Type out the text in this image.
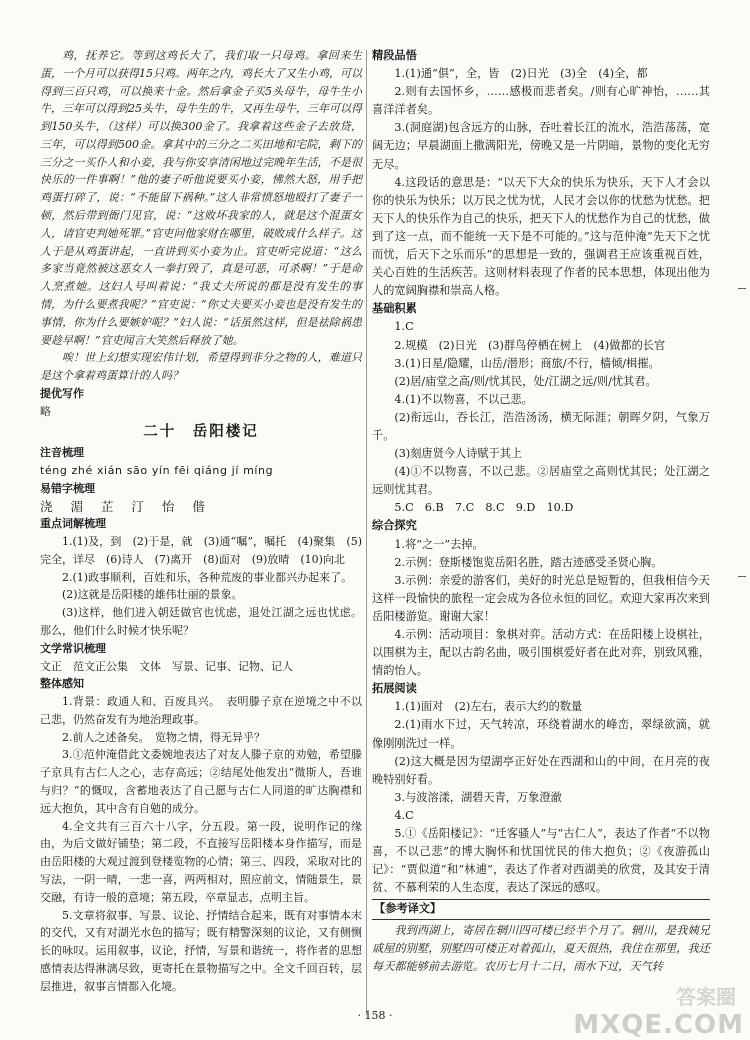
鸡，抚养它。等到这鸡长大了，我们取一只母鸡。拿回来生蛋，一个月可以获得15只鸡。两年之内，鸡长大了又生小鸡，可以得到三百只鸡，可以换来十金。然后拿金子买5头母牛，母牛生小牛，三年可以得到25头牛，母牛生的牛，又再生母牛，三年可以得到150头牛，（这样）可以换300金了。我拿着这些金子去放贷，三年，可以得到500金。拿其中的三分之二买田地和宅院，剩下的三分之一买仆人和小妾，我与你安享清闲地过完晚年生活，不是很快乐的一件事啊！”他的妻子听他说要买小妾，怫然大怒，用手把鸡蛋打碎了，说：“不能留下祸种。”这人非常愤怒地殴打了妻子一顿，然后带到衙门见官，说：“这败坏我家的人，就是这个混蛋女人，请官吏判她死罪。”官吏问他家财在哪里，破败成什么样子。这人于是从鸡蛋讲起，一直讲到买小妾为止。官吏听完说道：“这么多家当竟然被这恶女人一拳打毁了，真是可恶，可杀啊！”于是命人烹煮她。这妇人号叫着说：“我丈夫所说的都是没有发生的事情，为什么要煮我呢？”官吏说：“你丈夫要买小妾也是没有发生的事情，你为什么要嫉妒呢？”妇人说：“话虽然这样，但是祛除祸患要趁早啊！”官吏闻言大笑然后释放了她。

唉！世上幻想实现宏伟计划，希望得到非分之物的人，难道只是这个拿着鸡蛋算计的人吗？

提优写作

略

二十　岳阳楼记

注音梳理

téng zhé xián sāo yín fēi qiáng jí míng

易错字梳理

浇 湄 芷 汀 怡 偕

重点词解梳理

1.(1)及，到　(2)于是，就　(3)通“嘱”，嘱托　(4)聚集　(5)完全，详尽　(6)诗人　(7)离开　(8)面对　(9)放晴　(10)向北

2.(1)政事顺利，百姓和乐，各种荒废的事业都兴办起来了。

(2)这就是岳阳楼的雄伟壮丽的景象。

(3)这样，他们进入朝廷做官也忧虑，退处江湖之远也忧虑。那么，他们什么时候才快乐呢？

文学常识梳理

文正　范文正公集　文体　写景、记事、记物、记人

整体感知

1.背景：政通人和、百废具兴。　表明滕子京在逆境之中不以己悲，仍然奋发有为地治理政事。

2.前人之述备矣。　览物之情，得无异乎？

3.①范仲淹借此文委婉地表达了对友人滕子京的劝勉，希望滕子京具有古仁人之心，志存高远；②结尾处他发出“微斯人，吾谁与归？”的慨叹，含蓄地表达了自己愿与古仁人同道的旷达胸襟和远大抱负，其中含有自勉的成分。

4.全文共有三百六十八字，分五段。第一段，说明作记的缘由，为后文做好铺垫；第二段，不直接写岳阳楼本身作描写，而是由岳阳楼的大观过渡到登楼览物的心情；第三、四段，采取对比的写法，一阴一晴，一悲一喜，两两相对，照应前文，情随景生，景交融，有诗一般的意境；第五段，卒章显志，点明主旨。

5.文章将叙事、写景、议论、抒情结合起来，既有对事情本末的交代，又有对湖光水色的描写；既有精警深刻的议论，又有侧恻长的咏叹。运用叙事，议论，抒情，写景和谐统一，将作者的思想感情表达得淋漓尽致，更寄托在景物描写之中。全文千回百转，层层推进，叙事言情都入化境。

精段品悟

1.(1)通“俱”，全，皆　(2)日光　(3)全　(4)全，都

2.则有去国怀乡，……感极而悲者矣。/则有心旷神怡，……其喜洋洋者矣。

3.(洞庭湖)包含远方的山脉，吞吐着长江的流水，浩浩荡荡，宽阔无边；早晨湖面上撒满阳光，傍晚又是一片阴暗，景物的变化无穷无尽。

4.这段话的意思是：“以天下大众的快乐为快乐，天下人才会以你的快乐为快乐；以万民之忧为忧，人民才会以你的忧愁为忧愁。把天下人的快乐作为自己的快乐，把天下人的忧愁作为自己的忧愁，做到了这一点，而不能统一天下是不可能的。”这与范仲淹“先天下之忧而忧，后天下之乐而乐”的思想是一致的，强调君王应该重视百姓，关心百姓的生活疾苦。这则材料表现了作者的民本思想，体现出他为人的宽阔胸襟和崇高人格。

基础积累

1.C

2.规模　(2)日光　(3)群鸟停栖在树上　(4)做都的长官

3.(1)日星/隐耀，山岳/潜形；商旅/不行，樯倾/楫摧。

(2)居/庙堂之高/则/忧其民，处/江湖之远/则/忧其君。

4.(1)不以物喜，不以己悲。

(2)衔远山，吞长江，浩浩汤汤，横无际涯；朝晖夕阴，气象万千。

(3)刻唐贤今人诗赋于其上

(4)①不以物喜，不以己悲。②居庙堂之高则忧其民；处江湖之远则忧其君。

5.C　6.B　7.C　8.C　9.D　10.D

综合探究

1.将“之一”去掉。

2.示例：登斯楼饱览岳阳名胜，踏古迹感受圣贤心胸。

3.示例：亲爱的游客们，美好的时光总是短暂的，但我相信今天这样一段愉快的旅程一定会成为各位永恒的回忆。欢迎大家再次来到岳阳楼游览。谢谢大家！

4.示例：活动项目：象棋对弈。活动方式：在岳阳楼上设棋社，以围棋为主，配以古韵名曲，吸引围棋爱好者在此对弈，别致风雅，情韵怡人。

拓展阅读

1.(1)面对　(2)左右，表示大约的数量

2.(1)雨水下过，天气转凉，环绕着湖水的峰峦，翠绿欲滴，就像刚刚洗过一样。

(2)这大概是因为望湖亭正好处在西湖和山的中间，在月亮的夜晚特别好看。

3.与波溶漾，湖碧天青，万象澄澈

4.C

5.①《岳阳楼记》：“迁客骚人”与“古仁人”，表达了作者“不以物喜，不以己悲”的博大胸怀和忧国忧民的伟大抱负；②《夜游孤山记》：“贾似道”和“林逋”，表达了作者对西湖美的欣赏，及其安于清贫、不慕利荣的人生态度，表达了深远的感叹。

【参考译文】

我到西湖上，寄居在辋川四可楼已经半个月了。辋川，是我姨兄戚屋的别墅，别墅四可楼正对着孤山，夏天很热，我住在那里，我还每天都能够前去游览。农历七月十二日，雨水下过，天气转

· 158 ·
答案圈
MXQE.COM
